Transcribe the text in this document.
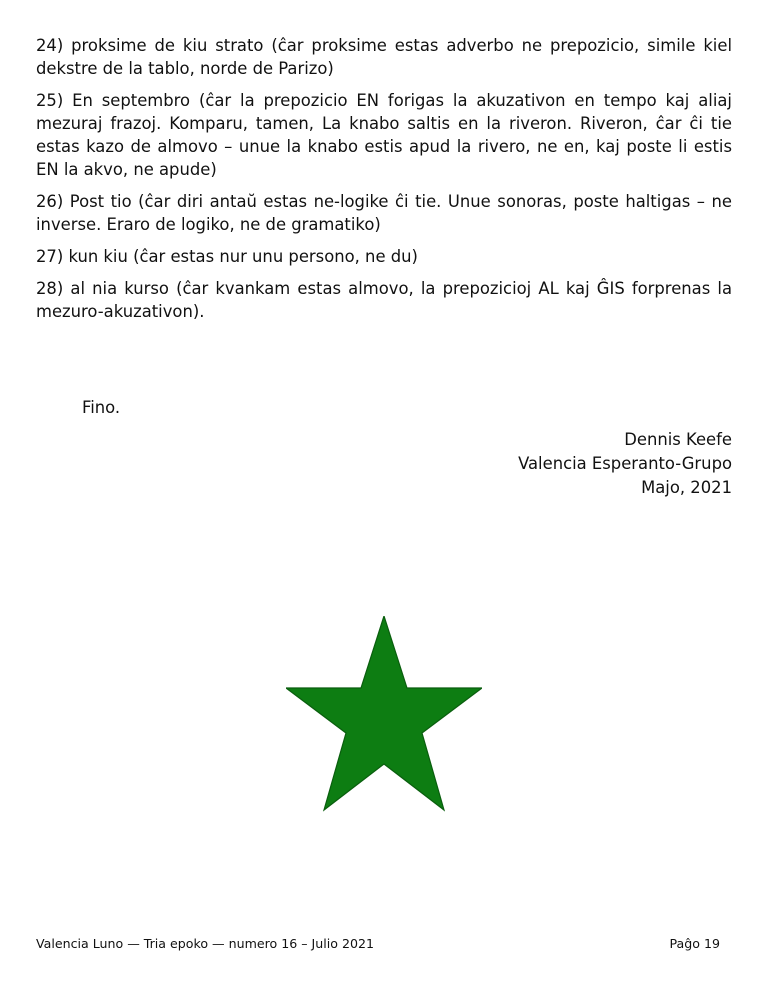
24) proksime de kiu strato (ĉar proksime estas adverbo ne prepozicio, simile kiel dekstre de la tablo, norde de Parizo)

25) En septembro (ĉar la prepozicio EN forigas la akuzativon en tempo kaj aliaj mezuraj frazoj. Komparu, tamen, La knabo saltis en la riveron. Riveron, ĉar ĉi tie estas kazo de almovo – unue la knabo estis apud la rivero, ne en, kaj poste li estis EN la akvo, ne apude)

26) Post tio (ĉar diri antaŭ estas ne-logike ĉi tie. Unue sonoras, poste haltigas – ne inverse. Eraro de logiko, ne de gramatiko)

27) kun kiu (ĉar estas nur unu persono, ne du)

28) al nia kurso (ĉar kvankam estas almovo, la prepozicioj AL kaj ĜIS forprenas la mezuro-akuzativon).

Fino.

Dennis Keefe
Valencia Esperanto-Grupo
Majo, 2021
Valencia Luno — Tria epoko — numero 16 – Julio 2021	Paĝo 19
